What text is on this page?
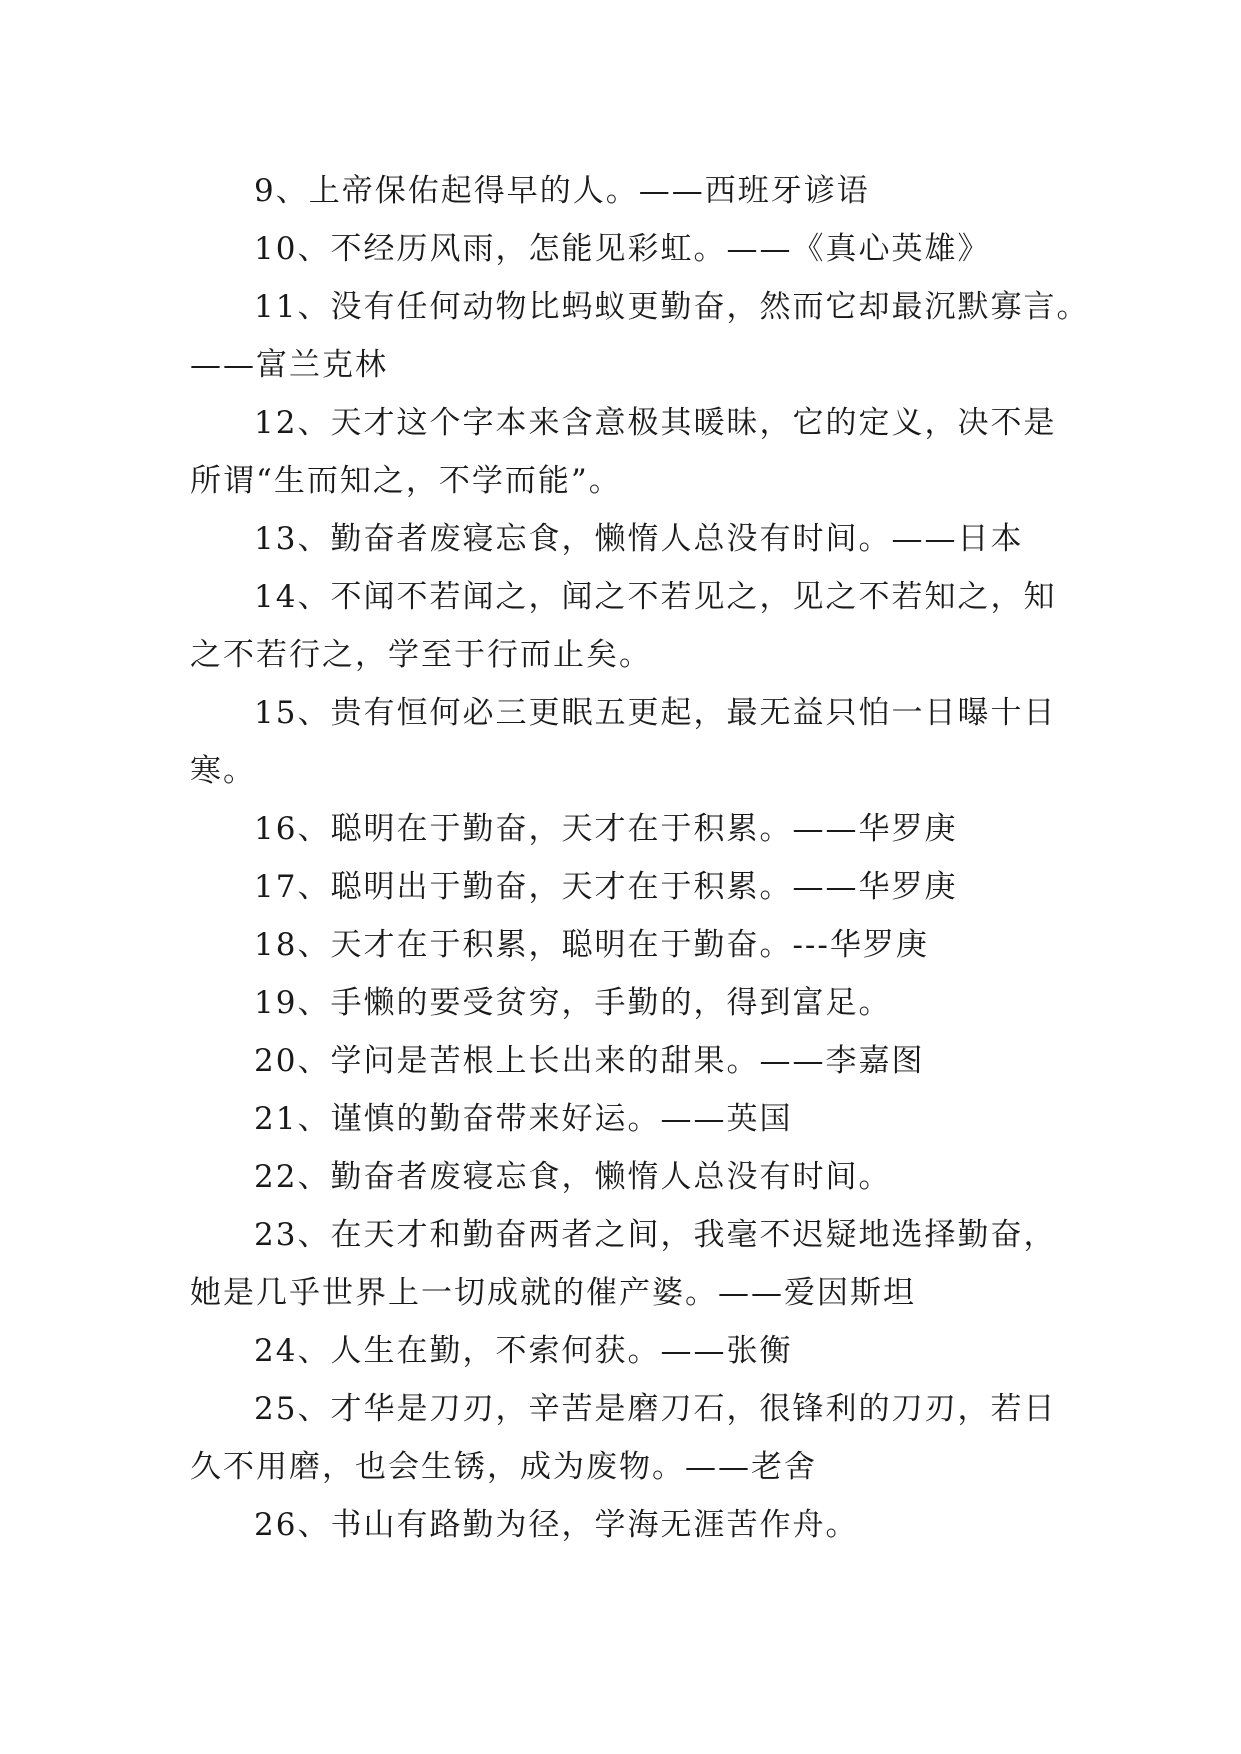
9、上帝保佑起得早的人。——西班牙谚语
10、不经历风雨，怎能见彩虹。——《真心英雄》
11、没有任何动物比蚂蚁更勤奋，然而它却最沉默寡言。
——富兰克林
12、天才这个字本来含意极其暖昧，它的定义，决不是
所谓“生而知之，不学而能”。
13、勤奋者废寝忘食，懒惰人总没有时间。——日本
14、不闻不若闻之，闻之不若见之，见之不若知之，知
之不若行之，学至于行而止矣。
15、贵有恒何必三更眠五更起，最无益只怕一日曝十日
寒。
16、聪明在于勤奋，天才在于积累。——华罗庚
17、聪明出于勤奋，天才在于积累。——华罗庚
18、天才在于积累，聪明在于勤奋。---华罗庚
19、手懒的要受贫穷，手勤的，得到富足。
20、学问是苦根上长出来的甜果。——李嘉图
21、谨慎的勤奋带来好运。——英国
22、勤奋者废寝忘食，懒惰人总没有时间。
23、在天才和勤奋两者之间，我毫不迟疑地选择勤奋，
她是几乎世界上一切成就的催产婆。——爱因斯坦
24、人生在勤，不索何获。——张衡
25、才华是刀刃，辛苦是磨刀石，很锋利的刀刃，若日
久不用磨，也会生锈，成为废物。——老舍
26、书山有路勤为径，学海无涯苦作舟。
